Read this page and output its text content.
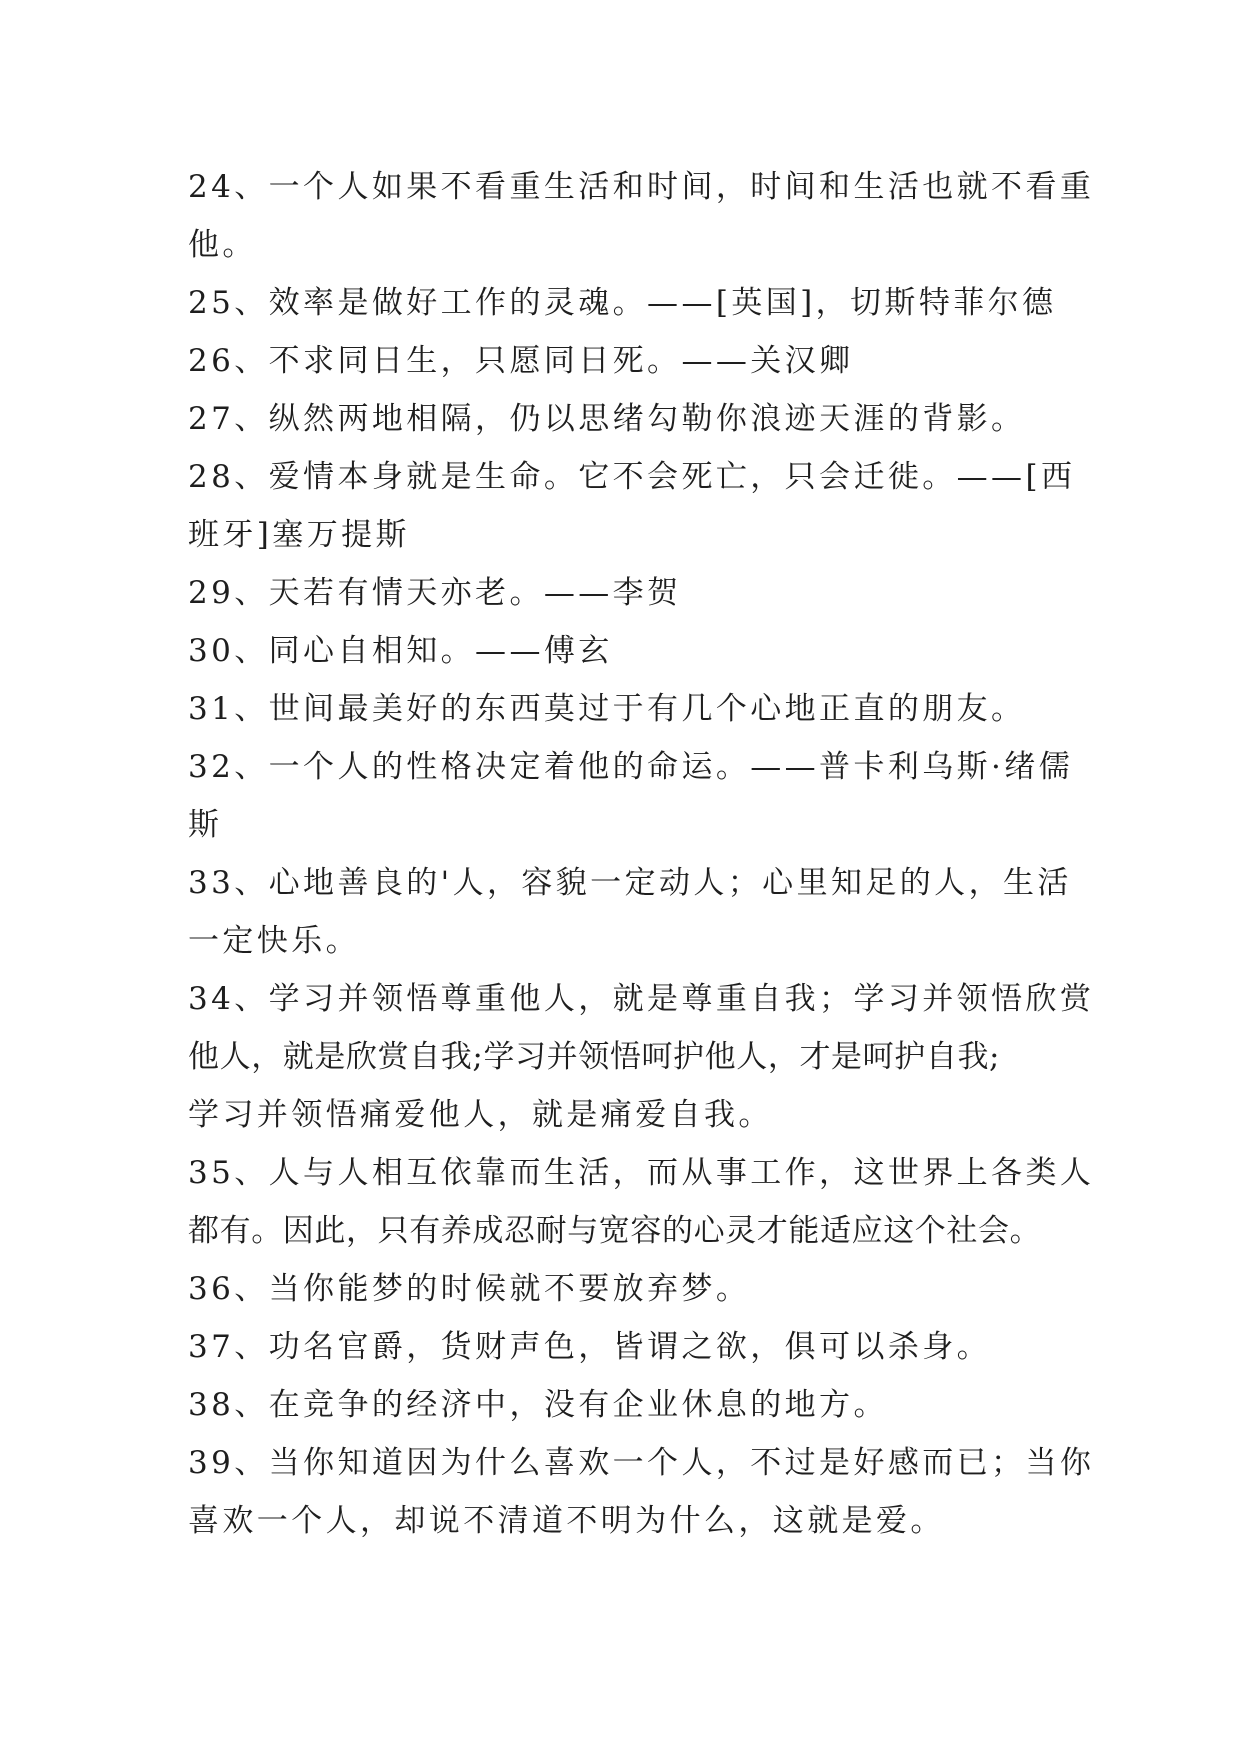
24、一个人如果不看重生活和时间，时间和生活也就不看重
他。
25、效率是做好工作的灵魂。——[英国]，切斯特菲尔德
26、不求同日生，只愿同日死。——关汉卿
27、纵然两地相隔，仍以思绪勾勒你浪迹天涯的背影。
28、爱情本身就是生命。它不会死亡，只会迁徙。——[西
班牙]塞万提斯
29、天若有情天亦老。——李贺
30、同心自相知。——傅玄
31、世间最美好的东西莫过于有几个心地正直的朋友。
32、一个人的性格决定着他的命运。——普卡利乌斯·绪儒
斯
33、心地善良的'人，容貌一定动人；心里知足的人，生活
一定快乐。
34、学习并领悟尊重他人，就是尊重自我；学习并领悟欣赏
他人，就是欣赏自我;学习并领悟呵护他人，才是呵护自我;
学习并领悟痛爱他人，就是痛爱自我。
35、人与人相互依靠而生活，而从事工作，这世界上各类人
都有。因此，只有养成忍耐与宽容的心灵才能适应这个社会。
36、当你能梦的时候就不要放弃梦。
37、功名官爵，货财声色，皆谓之欲，俱可以杀身。
38、在竞争的经济中，没有企业休息的地方。
39、当你知道因为什么喜欢一个人，不过是好感而已；当你
喜欢一个人，却说不清道不明为什么，这就是爱。
